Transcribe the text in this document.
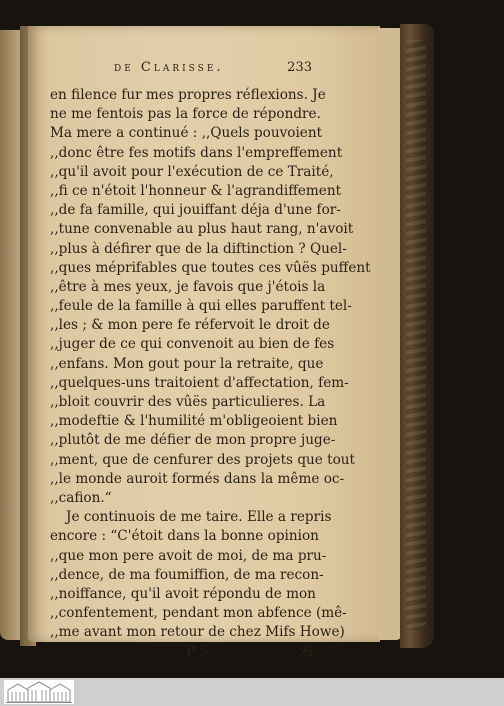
de Clarisse.	233
en filence fur mes propres réflexions. Je
ne me fentois pas la force de répondre.
Ma mere a continué : ,,Quels pouvoient
,,donc être fes motifs dans l'empreffement
,,qu'il avoit pour l'exécution de ce Traité,
,,fi ce n'étoit l'honneur & l'agrandiffement
,,de fa famille, qui jouiffant déja d'une for-
,,tune convenable au plus haut rang, n'avoit
,,plus à défirer que de la diftinction ? Quel-
,,ques méprifables que toutes ces vûës puffent
,,être à mes yeux, je favois que j'étois la
,,feule de la famille à qui elles paruffent tel-
,,les ; & mon pere fe réfervoit le droit de
,,juger de ce qui convenoit au bien de fes
,,enfans. Mon gout pour la retraite, que
,,quelques-uns traitoient d'affectation, fem-
,,bloit couvrir des vûës particulieres. La
,,modeftie & l'humilité m'obligeoient bien
,,plutôt de me défier de mon propre juge-
,,ment, que de cenfurer des projets que tout
,,le monde auroit formés dans la même oc-
,,cafion.“
Je continuois de me taire. Elle a repris
encore : “C'étoit dans la bonne opinion
,,que mon pere avoit de moi, de ma pru-
,,dence, de ma foumiffion, de ma recon-
,,noiffance, qu'il avoit répondu de mon
,,confentement, pendant mon abfence (mê-
,,me avant mon retour de chez Mifs Howe)
P 5	,,&
